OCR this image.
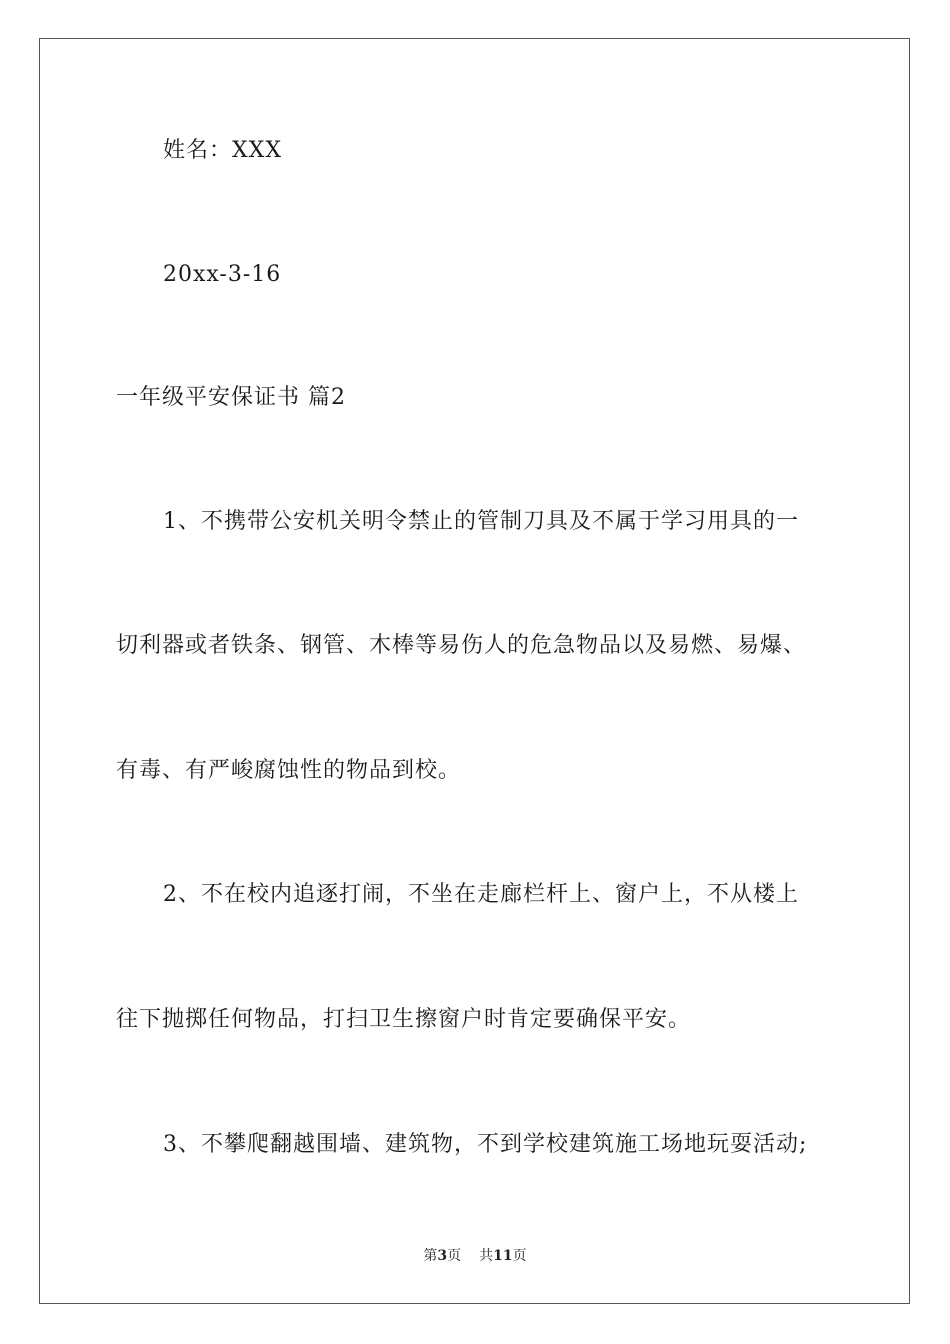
姓名：XXX
20xx-3-16
一年级平安保证书 篇2
1、不携带公安机关明令禁止的管制刀具及不属于学习用具的一
切利器或者铁条、钢管、木棒等易伤人的危急物品以及易燃、易爆、
有毒、有严峻腐蚀性的物品到校。
2、不在校内追逐打闹，不坐在走廊栏杆上、窗户上，不从楼上
往下抛掷任何物品，打扫卫生擦窗户时肯定要确保平安。
3、不攀爬翻越围墙、建筑物，不到学校建筑施工场地玩耍活动;
第3页 共11页
